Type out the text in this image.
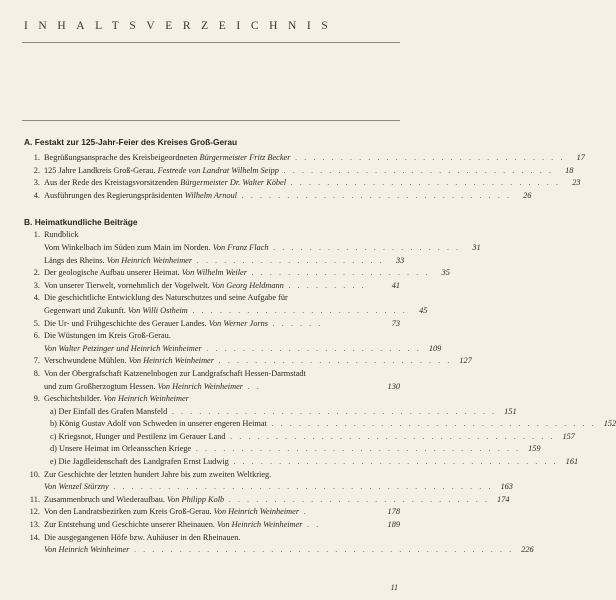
INHALTSVERZEICHNIS
A. Festakt zur 125-Jahr-Feier des Kreises Groß-Gerau
1. Begrüßungsansprache des Kreisbeigeordneten Bürgermeister Fritz Becker . . . . . . . . . . . . . . . . . . . . . . . . . . . . . .	17
2. 125 Jahre Landkreis Groß-Gerau. Festrede von Landrat Wilhelm Seipp . . . . . . . . . . . . . . . . . . . . . . . . . . . . . .	18
3. Aus der Rede des Kreistagsvorsitzenden Bürgermeister Dr. Walter Köbel . . . . . . . . . . . . . . . . . . . . . . . . . . . . . .	23
4. Ausführungen des Regierungspräsidenten Wilhelm Arnoul . . . . . . . . . . . . . . . . . . . . . . . . . . . . . .	26
B. Heimatkundliche Beiträge
1. Rundblick
Vom Winkelbach im Süden zum Main im Norden. Von Franz Flach . . . . . . . . . . . . . . . . . . . . .	31
Längs des Rheins. Von Heinrich Weinheimer . . . . . . . . . . . . . . . . . . . . .	33
2. Der geologische Aufbau unserer Heimat. Von Wilhelm Weiler . . . . . . . . . . . . . . . . . . . .	35
3. Von unserer Tierwelt, vornehmlich der Vogelwelt. Von Georg Heldmann . . . . . . . . .	41
4. Die geschichtliche Entwicklung des Naturschutzes und seine Aufgabe für
Gegenwart und Zukunft. Von Willi Ostheim . . . . . . . . . . . . . . . . . . . . . . . .	45
5. Die Ur- und Frühgeschichte des Gerauer Landes. Von Werner Jorns . . . . . .	73
6. Die Wüstungen im Kreis Groß-Gerau.
Von Walter Petzinger und Heinrich Weinheimer . . . . . . . . . . . . . . . . . . . . . . . . 109
7. Verschwundene Mühlen. Von Heinrich Weinheimer . . . . . . . . . . . . . . . . . . . . . . . . . . 127
8. Von der Obergrafschaft Katzenelnbogen zur Landgrafschaft Hessen-Darmstadt
und zum Großherzogtum Hessen. Von Heinrich Weinheimer . .	130
9. Geschichtsbilder. Von Heinrich Weinheimer
a) Der Einfall des Grafen Mansfeld . . . . . . . . . . . . . . . . . . . . . . . . . . . . . . . . . . . . 151
b) König Gustav Adolf von Schweden in unserer engeren Heimat . . . . . . . . . . . . . . . . . . . . . . . . . . . . . . . . . . . . 152
c) Kriegsnot, Hunger und Pestilenz im Gerauer Land . . . . . . . . . . . . . . . . . . . . . . . . . . . . . . . . . . . . 157
d) Unsere Heimat im Orleansschen Kriege . . . . . . . . . . . . . . . . . . . . . . . . . . . . . . . . . . . . 159
e) Die Jagdleidenschaft des Landgrafen Ernst Ludwig . . . . . . . . . . . . . . . . . . . . . . . . . . . . . . . . . . . . 161
10. Zur Geschichte der letzten hundert Jahre bis zum zweiten Weltkrieg.
Von Wenzel Stürzny . . . . . . . . . . . . . . . . . . . . . . . . . . . . . . . . . . . . . . . . . . 163
11. Zusammenbruch und Wiederaufbau. Von Philipp Kolb . . . . . . . . . . . . . . . . . . . . . . . . . . . . . 174
12. Von den Landratsbezirken zum Kreis Groß-Gerau. Von Heinrich Weinheimer .	178
13. Zur Entstehung und Geschichte unserer Rheinauen. Von Heinrich Weinheimer . .	189
14. Die ausgegangenen Höfe bzw. Auhäuser in den Rheinauen.
Von Heinrich Weinheimer . . . . . . . . . . . . . . . . . . . . . . . . . . . . . . . . . . . . . . . . . . 226
11
